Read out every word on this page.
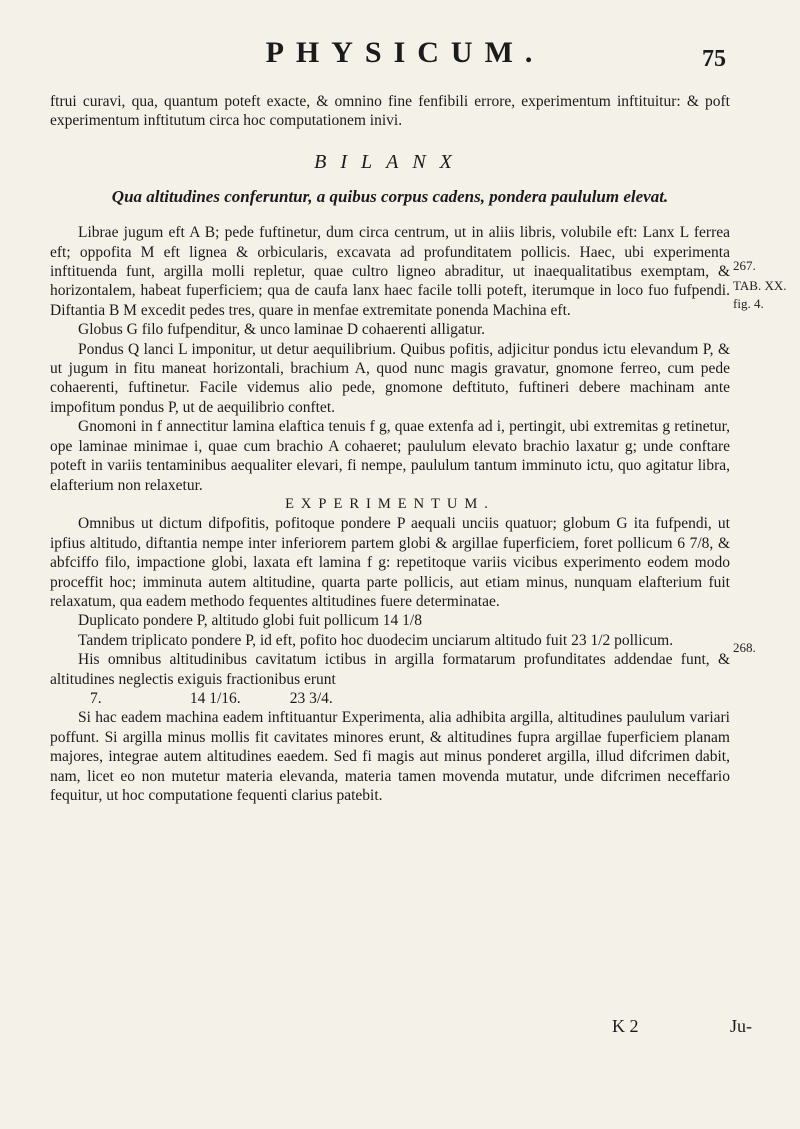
PHYSICUM.	75
267.
TAB. XX.
fig. 4.
268.

ftrui curavi, qua, quantum poteft exacte, & omnino fine fenfibili errore, experimentum inftituitur: & poft experimentum inftitutum circa hoc computationem inivi.

BILANX
Qua altitudines conferuntur, a quibus corpus cadens, pondera paululum elevat.

Librae jugum eft A B; pede fuftinetur, dum circa centrum, ut in aliis libris, volubile eft: Lanx L ferrea eft; oppofita M eft lignea & orbicularis, excavata ad profunditatem pollicis. Haec, ubi experimenta inftituenda funt, argilla molli repletur, quae cultro ligneo abraditur, ut inaequalitatibus exemptam, & horizontalem, habeat fuperficiem; qua de caufa lanx haec facile tolli poteft, iterumque in loco fuo fufpendi. Diftantia B M excedit pedes tres, quare in menfae extremitate ponenda Machina eft.

Globus G filo fufpenditur, & unco laminae D cohaerenti alligatur.

Pondus Q lanci L imponitur, ut detur aequilibrium. Quibus pofitis, adjicitur pondus ictu elevandum P, & ut jugum in fitu maneat horizontali, brachium A, quod nunc magis gravatur, gnomone ferreo, cum pede cohaerenti, fuftinetur. Facile videmus alio pede, gnomone deftituto, fuftineri debere machinam ante impofitum pondus P, ut de aequilibrio conftet.

Gnomoni in f annectitur lamina elaftica tenuis f g, quae extenfa ad i, pertingit, ubi extremitas g retinetur, ope laminae minimae i, quae cum brachio A cohaeret; paululum elevato brachio laxatur g; unde conftare poteft in variis tentaminibus aequaliter elevari, fi nempe, paululum tantum imminuto ictu, quo agitatur libra, elafterium non relaxetur.

EXPERIMENTUM.

Omnibus ut dictum difpofitis, pofitoque pondere P aequali unciis quatuor; globum G ita fufpendi, ut ipfius altitudo, diftantia nempe inter inferiorem partem globi & argillae fuperficiem, foret pollicum 6 7/8, & abfciffo filo, impactione globi, laxata eft lamina f g: repetitoque variis vicibus experimento eodem modo proceffit hoc; imminuta autem altitudine, quarta parte pollicis, aut etiam minus, nunquam elafterium fuit relaxatum, qua eadem methodo fequentes altitudines fuere determinatae.

Duplicato pondere P, altitudo globi fuit pollicum 14 1/8

Tandem triplicato pondere P, id eft, pofito hoc duodecim unciarum altitudo fuit 23 1/2 pollicum.

His omnibus altitudinibus cavitatum ictibus in argilla formatarum profunditates addendae funt, & altitudines neglectis exiguis fractionibus erunt

7.	14 1/16.	23 3/4.

Si hac eadem machina eadem inftituantur Experimenta, alia adhibita argilla, altitudines paululum variari poffunt. Si argilla minus mollis fit cavitates minores erunt, & altitudines fupra argillae fuperficiem planam majores, integrae autem altitudines eaedem. Sed fi magis aut minus ponderet argilla, illud difcrimen dabit, nam, licet eo non mutetur materia elevanda, materia tamen movenda mutatur, unde difcrimen neceffario fequitur, ut hoc computatione fequenti clarius patebit.

K 2	Ju-
